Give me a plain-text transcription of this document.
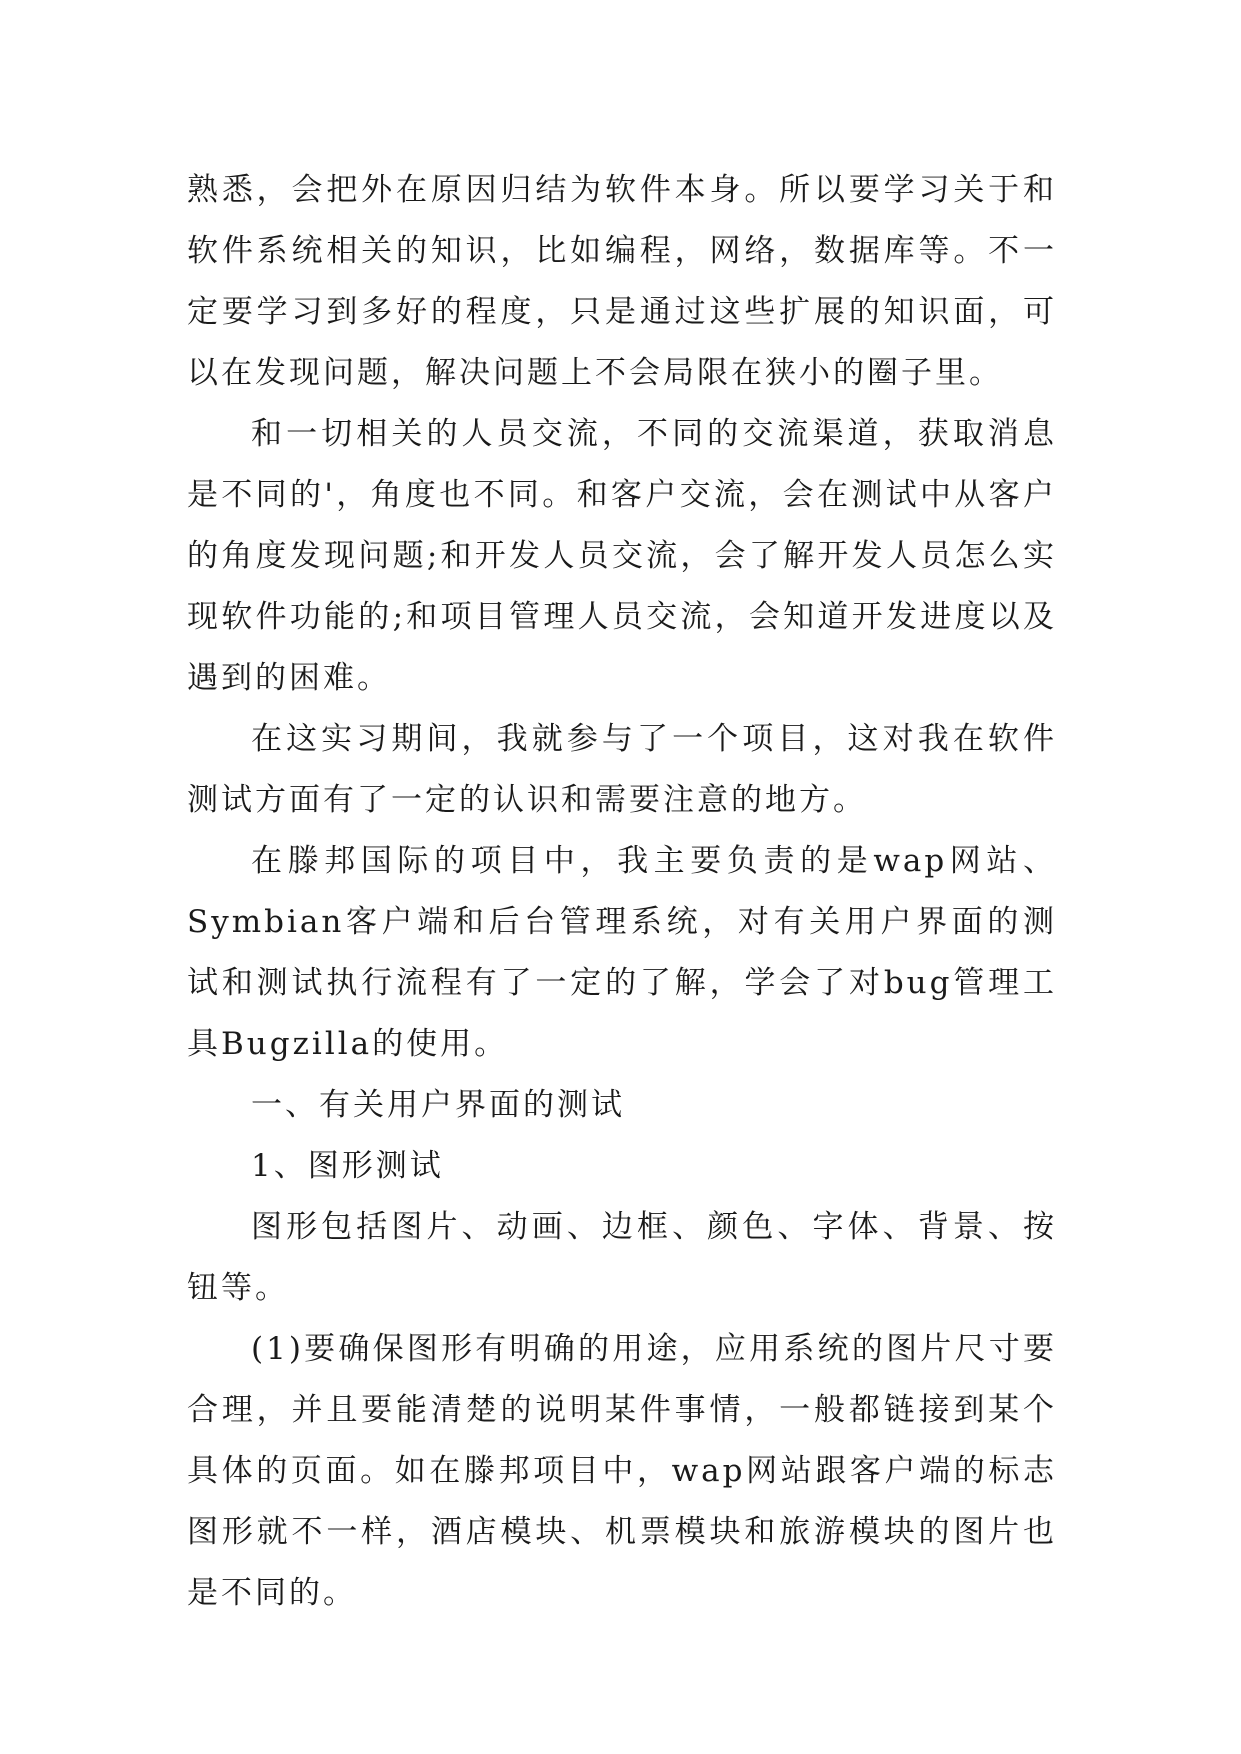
熟悉，会把外在原因归结为软件本身。所以要学习关于和软件系统相关的知识，比如编程，网络，数据库等。不一定要学习到多好的程度，只是通过这些扩展的知识面，可以在发现问题，解决问题上不会局限在狭小的圈子里。

和一切相关的人员交流，不同的交流渠道，获取消息是不同的'，角度也不同。和客户交流，会在测试中从客户的角度发现问题;和开发人员交流，会了解开发人员怎么实现软件功能的;和项目管理人员交流，会知道开发进度以及遇到的困难。

在这实习期间，我就参与了一个项目，这对我在软件测试方面有了一定的认识和需要注意的地方。

在滕邦国际的项目中，我主要负责的是wap网站、Symbian客户端和后台管理系统，对有关用户界面的测试和测试执行流程有了一定的了解，学会了对bug管理工具Bugzilla的使用。

一、有关用户界面的测试

1、图形测试

图形包括图片、动画、边框、颜色、字体、背景、按钮等。

(1)要确保图形有明确的用途，应用系统的图片尺寸要合理，并且要能清楚的说明某件事情，一般都链接到某个具体的页面。如在滕邦项目中，wap网站跟客户端的标志图形就不一样，酒店模块、机票模块和旅游模块的图片也是不同的。
